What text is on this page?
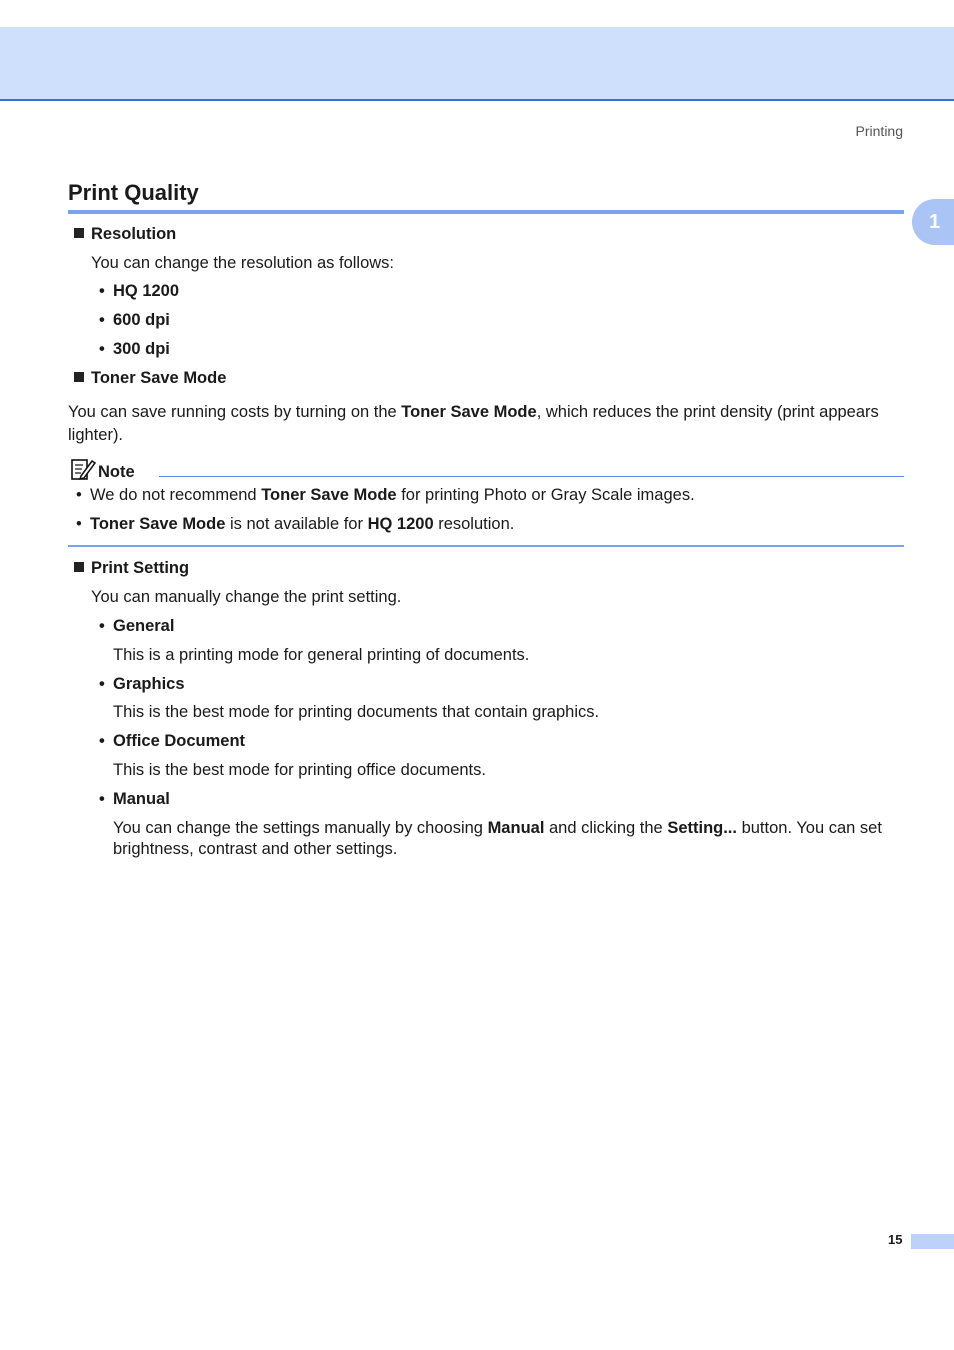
Printing
1
Print Quality
Resolution
You can change the resolution as follows:
• HQ 1200
• 600 dpi
• 300 dpi
Toner Save Mode
You can save running costs by turning on the Toner Save Mode, which reduces the print density (print appears lighter).
Note
• We do not recommend Toner Save Mode for printing Photo or Gray Scale images.
• Toner Save Mode is not available for HQ 1200 resolution.
Print Setting
You can manually change the print setting.
• General
This is a printing mode for general printing of documents.
• Graphics
This is the best mode for printing documents that contain graphics.
• Office Document
This is the best mode for printing office documents.
• Manual
You can change the settings manually by choosing Manual and clicking the Setting... button. You can set brightness, contrast and other settings.
15
